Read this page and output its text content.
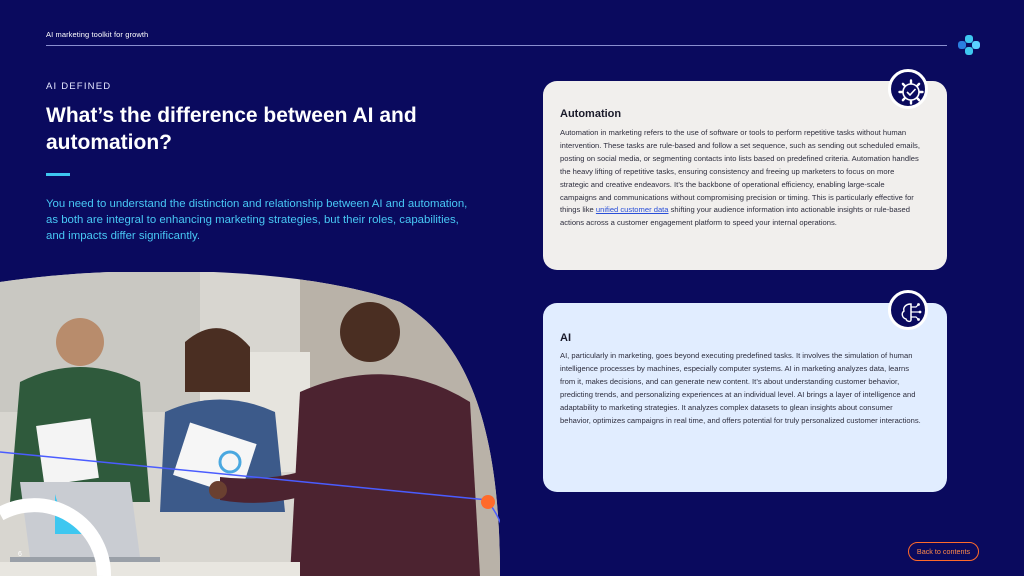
AI marketing toolkit for growth
AI DEFINED
What’s the difference between AI and automation?

You need to understand the distinction and relationship between AI and automation, as both are integral to enhancing marketing strategies, but their roles, capabilities, and impacts differ significantly.

Automation

Automation in marketing refers to the use of software or tools to perform repetitive tasks without human intervention. These tasks are rule-based and follow a set sequence, such as sending out scheduled emails, posting on social media, or segmenting contacts into lists based on predefined criteria. Automation handles the heavy lifting of repetitive tasks, ensuring consistency and freeing up marketers to focus on more strategic and creative endeavors. It’s the backbone of operational efficiency, enabling large-scale campaigns and communications without compromising precision or timing. This is particularly effective for things like unified customer data shifting your audience information into actionable insights or rule-based actions across a customer engagement platform to speed your internal operations.

AI

AI, particularly in marketing, goes beyond executing predefined tasks. It involves the simulation of human intelligence processes by machines, especially computer systems. AI in marketing analyzes data, learns from it, makes decisions, and can generate new content. It’s about understanding customer behavior, predicting trends, and personalizing experiences at an individual level. AI brings a layer of intelligence and adaptability to marketing strategies. It analyzes complex datasets to glean insights about consumer behavior, optimizes campaigns in real time, and offers potential for truly personalized customer interactions.

6	Back to contents
